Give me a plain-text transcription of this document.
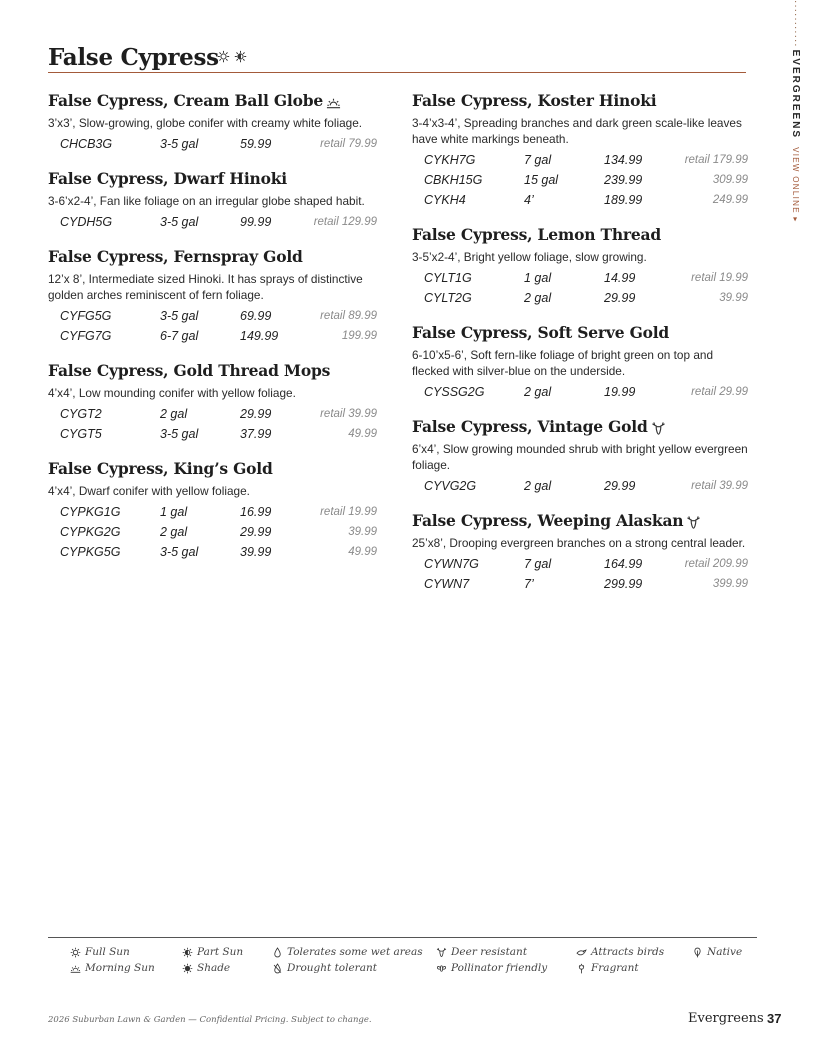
False Cypress
···········EVERGREENSVIEW ONLINE ▸
False Cypress, Cream Ball Globe
3’x3’, Slow-growing, globe conifer with creamy white foliage.
CHCB3G	3-5 gal	59.99	retail 79.99
False Cypress, Dwarf Hinoki
3-6’x2-4’, Fan like foliage on an irregular globe shaped habit.
CYDH5G	3-5 gal	99.99	retail 129.99
False Cypress, Fernspray Gold
12’x 8’, Intermediate sized Hinoki. It has sprays of distinctive golden arches reminiscent of fern foliage.
CYFG5G	3-5 gal	69.99	retail 89.99
CYFG7G	6-7 gal	149.99	199.99
False Cypress, Gold Thread Mops
4’x4’, Low mounding conifer with yellow foliage.
CYGT2	2 gal	29.99	retail 39.99
CYGT5	3-5 gal	37.99	49.99
False Cypress, King’s Gold
4’x4’, Dwarf conifer with yellow foliage.
CYPKG1G	1 gal	16.99	retail 19.99
CYPKG2G	2 gal	29.99	39.99
CYPKG5G	3-5 gal	39.99	49.99
False Cypress, Koster Hinoki
3-4’x3-4’, Spreading branches and dark green scale-like leaves have white markings beneath.
CYKH7G	7 gal	134.99	retail 179.99
CBKH15G	15 gal	239.99	309.99
CYKH4	4’	189.99	249.99
False Cypress, Lemon Thread
3-5’x2-4’, Bright yellow foliage, slow growing.
CYLT1G	1 gal	14.99	retail 19.99
CYLT2G	2 gal	29.99	39.99
False Cypress, Soft Serve Gold
6-10’x5-6’, Soft fern-like foliage of bright green on top and flecked with silver-blue on the underside.
CYSSG2G	2 gal	19.99	retail 29.99
False Cypress, Vintage Gold
6’x4’, Slow growing mounded shrub with bright yellow evergreen foliage.
CYVG2G	2 gal	29.99	retail 39.99
False Cypress, Weeping Alaskan
25’x8’, Drooping evergreen branches on a strong central leader.
CYWN7G	7 gal	164.99	retail 209.99
CYWN7	7’	299.99	399.99
Full Sun
Morning Sun
Part Sun
Shade
Tolerates some wet areas
Drought tolerant
Deer resistant
Pollinator friendly
Attracts birds
Fragrant
Native
2026 Suburban Lawn & Garden — Confidential Pricing. Subject to change.	Evergreens 37
